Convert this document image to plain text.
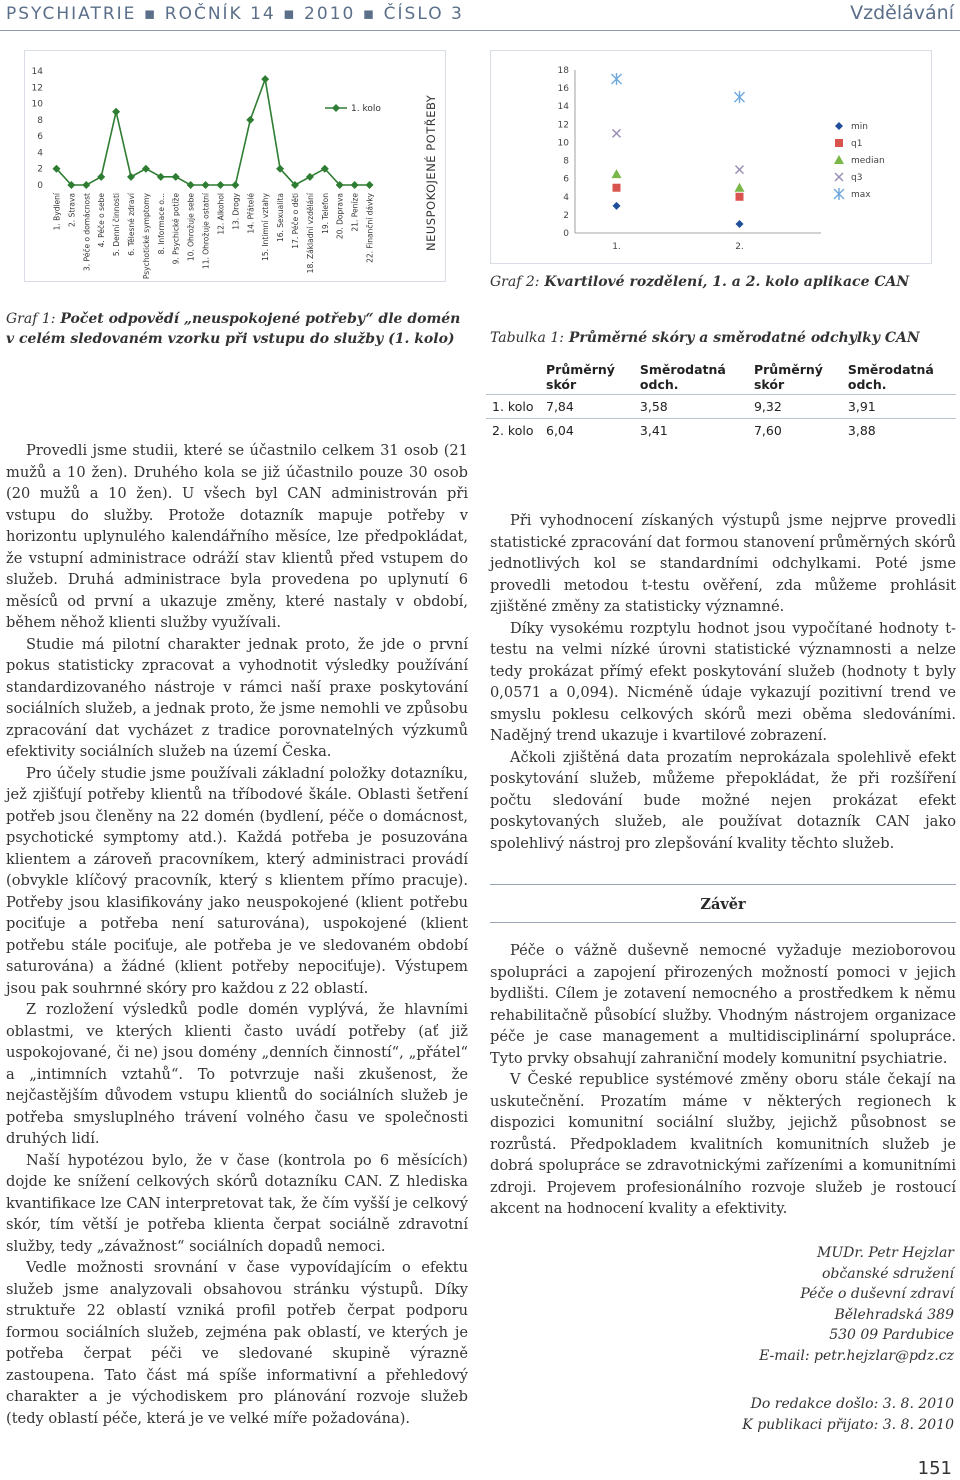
PSYCHIATRIE ▪ ROČNÍK 14 ▪ 2010 ▪ ČÍSLO 3	Vzdělávání
0
2
4
6
8
10
12
14
1. Bydlení 2. Strava 3. Péče o domácnost 4. Péče o sebe 5. Denní činnosti 6. Tělesné zdraví 7. Psychotické symptomy 8. Informace o... 9. Psychické potíže 10. Ohrožuje sebe 11. Ohrožuje ostatní 12. Alkohol 13. Drogy 14. Přátelé 15. Intimní vztahy 16. Sexualita 17. Péče o děti 18. Základní vzdělání 19. Telefon 20. Doprava 21. Peníze 22. Finanční dávky
1. kolo	NEUSPOKOJENÉ POTŘEBY	0
2
4
6
8
10
12
14
16
18
1.	2.
min
q1
median
q3
max
Graf 2: Kvartilové rozdělení, 1. a 2. kolo aplikace CAN
Graf 1: Počet odpovědí „neuspokojené potřeby“ dle domén v celém sledovaném vzorku při vstupu do služby (1. kolo)	Tabulka 1: Průměrné skóry a směrodatné odchylky CAN
	Průměrný skór	Směrodatná odch.	Průměrný skór	Směrodatná odch.
1. kolo	7,84	3,58	9,32	3,91
2. kolo	6,04	3,41	7,60	3,88

Provedli jsme studii, které se účastnilo celkem 31 osob (21 mužů a 10 žen). Druhého kola se již účastnilo pouze 30 osob (20 mužů a 10 žen). U všech byl CAN administrován při vstupu do služby. Protože dotazník mapuje potřeby v horizontu uplynulého kalendářního měsíce, lze předpokládat, že vstupní administrace odráží stav klientů před vstupem do služeb. Druhá administrace byla provedena po uplynutí 6 měsíců od první a ukazuje změny, které nastaly v období, během něhož klienti služby využívali.

Studie má pilotní charakter jednak proto, že jde o první pokus statisticky zpracovat a vyhodnotit výsledky používání standardizovaného nástroje v rámci naší praxe poskytování sociálních služeb, a jednak proto, že jsme nemohli ve způsobu zpracování dat vycházet z tradice porovnatelných výzkumů efektivity sociálních služeb na území Česka.

Pro účely studie jsme používali základní položky dotazníku, jež zjišťují potřeby klientů na tříbodové škále. Oblasti šetření potřeb jsou členěny na 22 domén (bydlení, péče o domácnost, psychotické symptomy atd.). Každá potřeba je posuzována klientem a zároveň pracovníkem, který administraci provádí (obvykle klíčový pracovník, který s klientem přímo pracuje). Potřeby jsou klasifikovány jako neuspokojené (klient potřebu pociťuje a potřeba není saturována), uspokojené (klient potřebu stále pociťuje, ale potřeba je ve sledovaném období saturována) a žádné (klient potřeby nepociťuje). Výstupem jsou pak souhrnné skóry pro každou z 22 oblastí.

Z rozložení výsledků podle domén vyplývá, že hlavními oblastmi, ve kterých klienti často uvádí potřeby (ať již uspokojované, či ne) jsou domény „denních činností“, „přátel“ a „intimních vztahů“. To potvrzuje naši zkušenost, že nejčastějším důvodem vstupu klientů do sociálních služeb je potřeba smysluplného trávení volného času ve společnosti druhých lidí.

Naší hypotézou bylo, že v čase (kontrola po 6 měsících) dojde ke snížení celkových skórů dotazníku CAN. Z hlediska kvantifikace lze CAN interpretovat tak, že čím vyšší je celkový skór, tím větší je potřeba klienta čerpat sociálně zdravotní služby, tedy „závažnost“ sociálních dopadů nemoci.

Vedle možnosti srovnání v čase vypovídajícím o efektu služeb jsme analyzovali obsahovou stránku výstupů. Díky struktuře 22 oblastí vzniká profil potřeb čerpat podporu formou sociálních služeb, zejména pak oblastí, ve kterých je potřeba čerpat péči ve sledované skupině výrazně zastoupena. Tato část má spíše informativní a přehledový charakter a je východiskem pro plánování rozvoje služeb (tedy oblastí péče, která je ve velké míře požadována).

Při vyhodnocení získaných výstupů jsme nejprve provedli statistické zpracování dat formou stanovení průměrných skórů jednotlivých kol se standardními odchylkami. Poté jsme provedli metodou t-testu ověření, zda můžeme prohlásit zjištěné změny za statisticky významné.

Díky vysokému rozptylu hodnot jsou vypočítané hodnoty t-testu na velmi nízké úrovni statistické významnosti a nelze tedy prokázat přímý efekt poskytování služeb (hodnoty t byly 0,0571 a 0,094). Nicméně údaje vykazují pozitivní trend ve smyslu poklesu celkových skórů mezi oběma sledováními. Nadějný trend ukazuje i kvartilové zobrazení.

Ačkoli zjištěná data prozatím neprokázala spolehlivě efekt poskytování služeb, můžeme přepokládat, že při rozšíření počtu sledování bude možné nejen prokázat efekt poskytovaných služeb, ale používat dotazník CAN jako spolehlivý nástroj pro zlepšování kvality těchto služeb.

Závěr

Péče o vážně duševně nemocné vyžaduje mezioborovou spolupráci a zapojení přirozených možností pomoci v jejich bydlišti. Cílem je zotavení nemocného a prostředkem k němu rehabilitačně působící služby. Vhodným nástrojem organizace péče je case management a multidisciplinární spolupráce. Tyto prvky obsahují zahraniční modely komunitní psychiatrie.

V České republice systémové změny oboru stále čekají na uskutečnění. Prozatím máme v některých regionech k dispozici komunitní sociální služby, jejichž působnost se rozrůstá. Předpokladem kvalitních komunitních služeb je dobrá spolupráce se zdravotnickými zařízeními a komunitními zdroji. Projevem profesionálního rozvoje služeb je rostoucí akcent na hodnocení kvality a efektivity.

MUDr. Petr Hejzlar
občanské sdružení
Péče o duševní zdraví
Bělehradská 389
530 09 Pardubice
E-mail: petr.hejzlar@pdz.cz
Do redakce došlo: 3. 8. 2010
K publikaci přijato: 3. 8. 2010
151
